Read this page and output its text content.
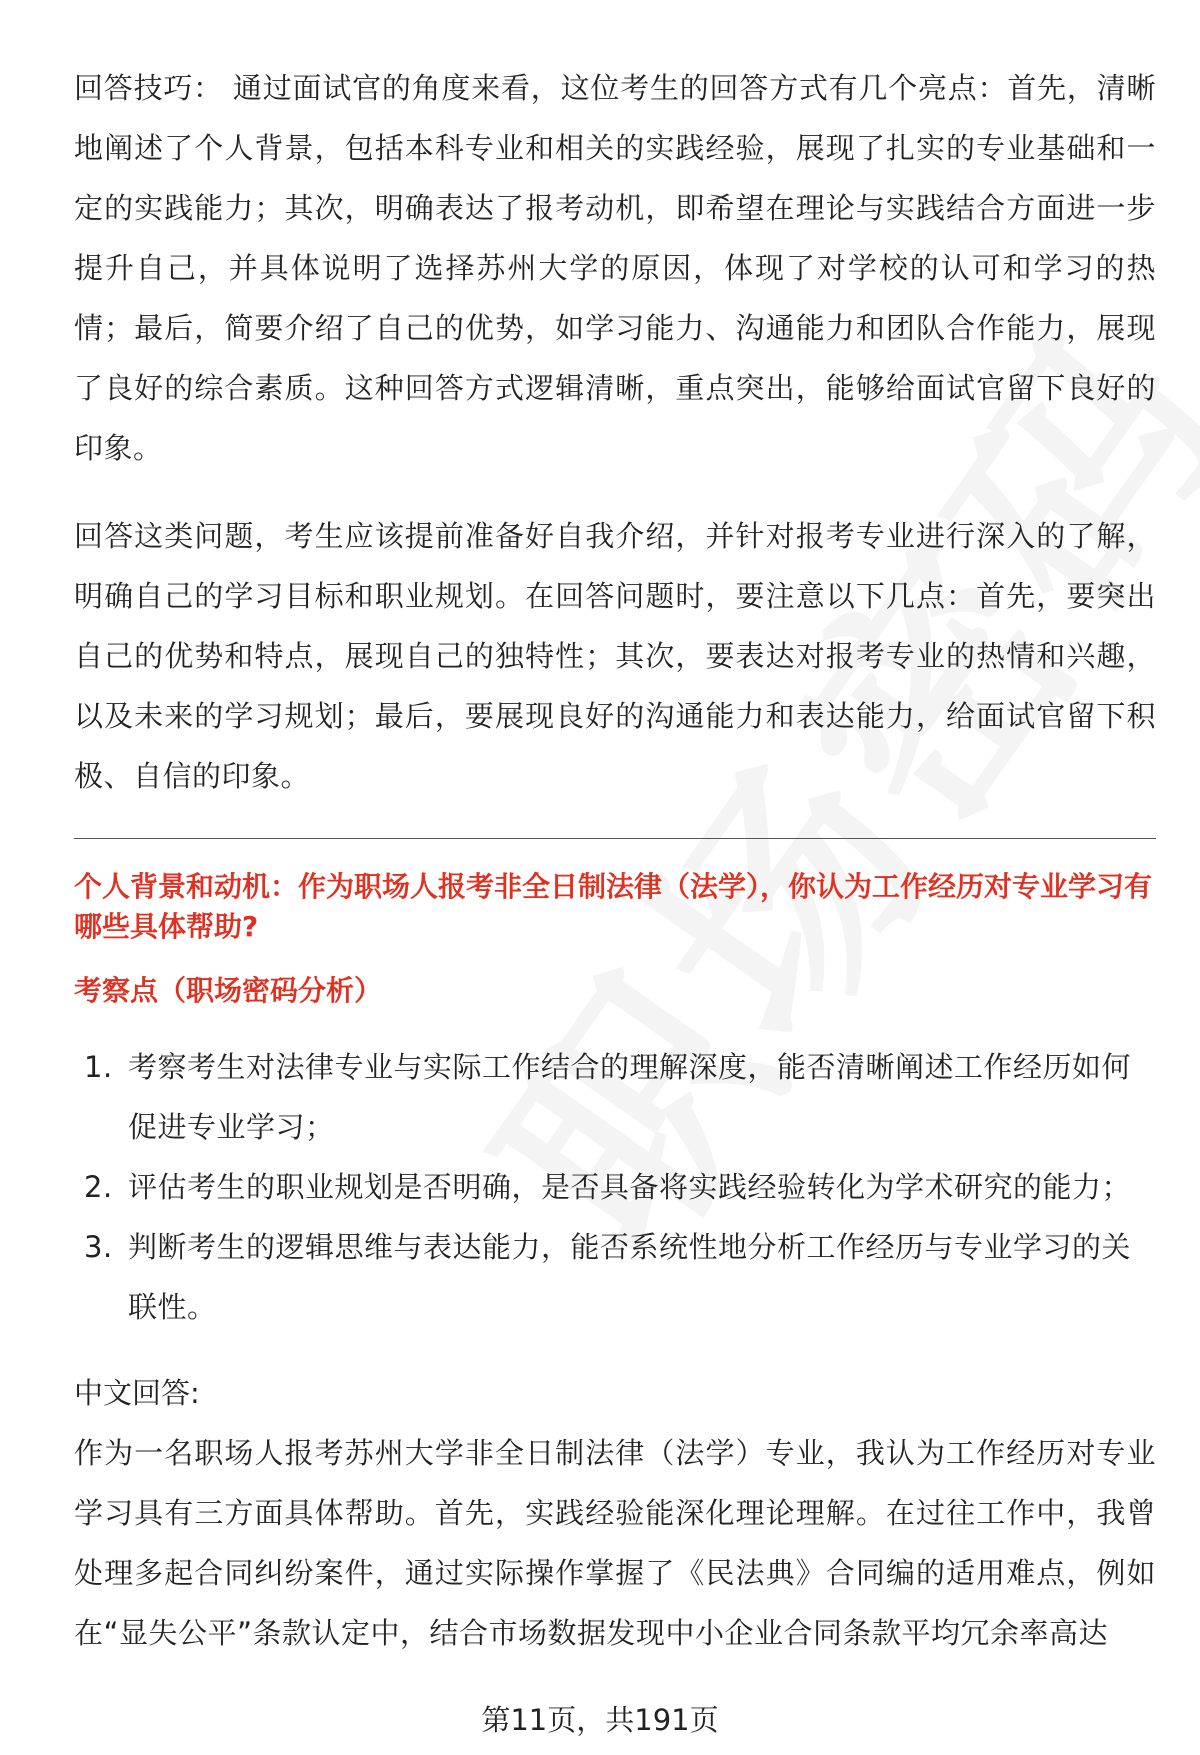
回答技巧： 通过面试官的角度来看，这位考生的回答方式有几个亮点：首先，清晰地阐述了个人背景，包括本科专业和相关的实践经验，展现了扎实的专业基础和一定的实践能力；其次，明确表达了报考动机，即希望在理论与实践结合方面进一步提升自己，并具体说明了选择苏州大学的原因，体现了对学校的认可和学习的热情；最后，简要介绍了自己的优势，如学习能力、沟通能力和团队合作能力，展现了良好的综合素质。这种回答方式逻辑清晰，重点突出，能够给面试官留下良好的印象。

回答这类问题，考生应该提前准备好自我介绍，并针对报考专业进行深入的了解，明确自己的学习目标和职业规划。在回答问题时，要注意以下几点：首先，要突出自己的优势和特点，展现自己的独特性；其次，要表达对报考专业的热情和兴趣，以及未来的学习规划；最后，要展现良好的沟通能力和表达能力，给面试官留下积极、自信的印象。

个人背景和动机：作为职场人报考非全日制法律（法学），你认为工作经历对专业学习有哪些具体帮助?
考察点（职场密码分析）
1. 考察考生对法律专业与实际工作结合的理解深度，能否清晰阐述工作经历如何促进专业学习；
2. 评估考生的职业规划是否明确，是否具备将实践经验转化为学术研究的能力；
3. 判断考生的逻辑思维与表达能力，能否系统性地分析工作经历与专业学习的关联性。
中文回答:

作为一名职场人报考苏州大学非全日制法律（法学）专业，我认为工作经历对专业学习具有三方面具体帮助。首先，实践经验能深化理论理解。在过往工作中，我曾处理多起合同纠纷案件，通过实际操作掌握了《民法典》合同编的适用难点，例如在“显失公平”条款认定中，结合市场数据发现中小企业合同条款平均冗余率高达

第11页，共191页
